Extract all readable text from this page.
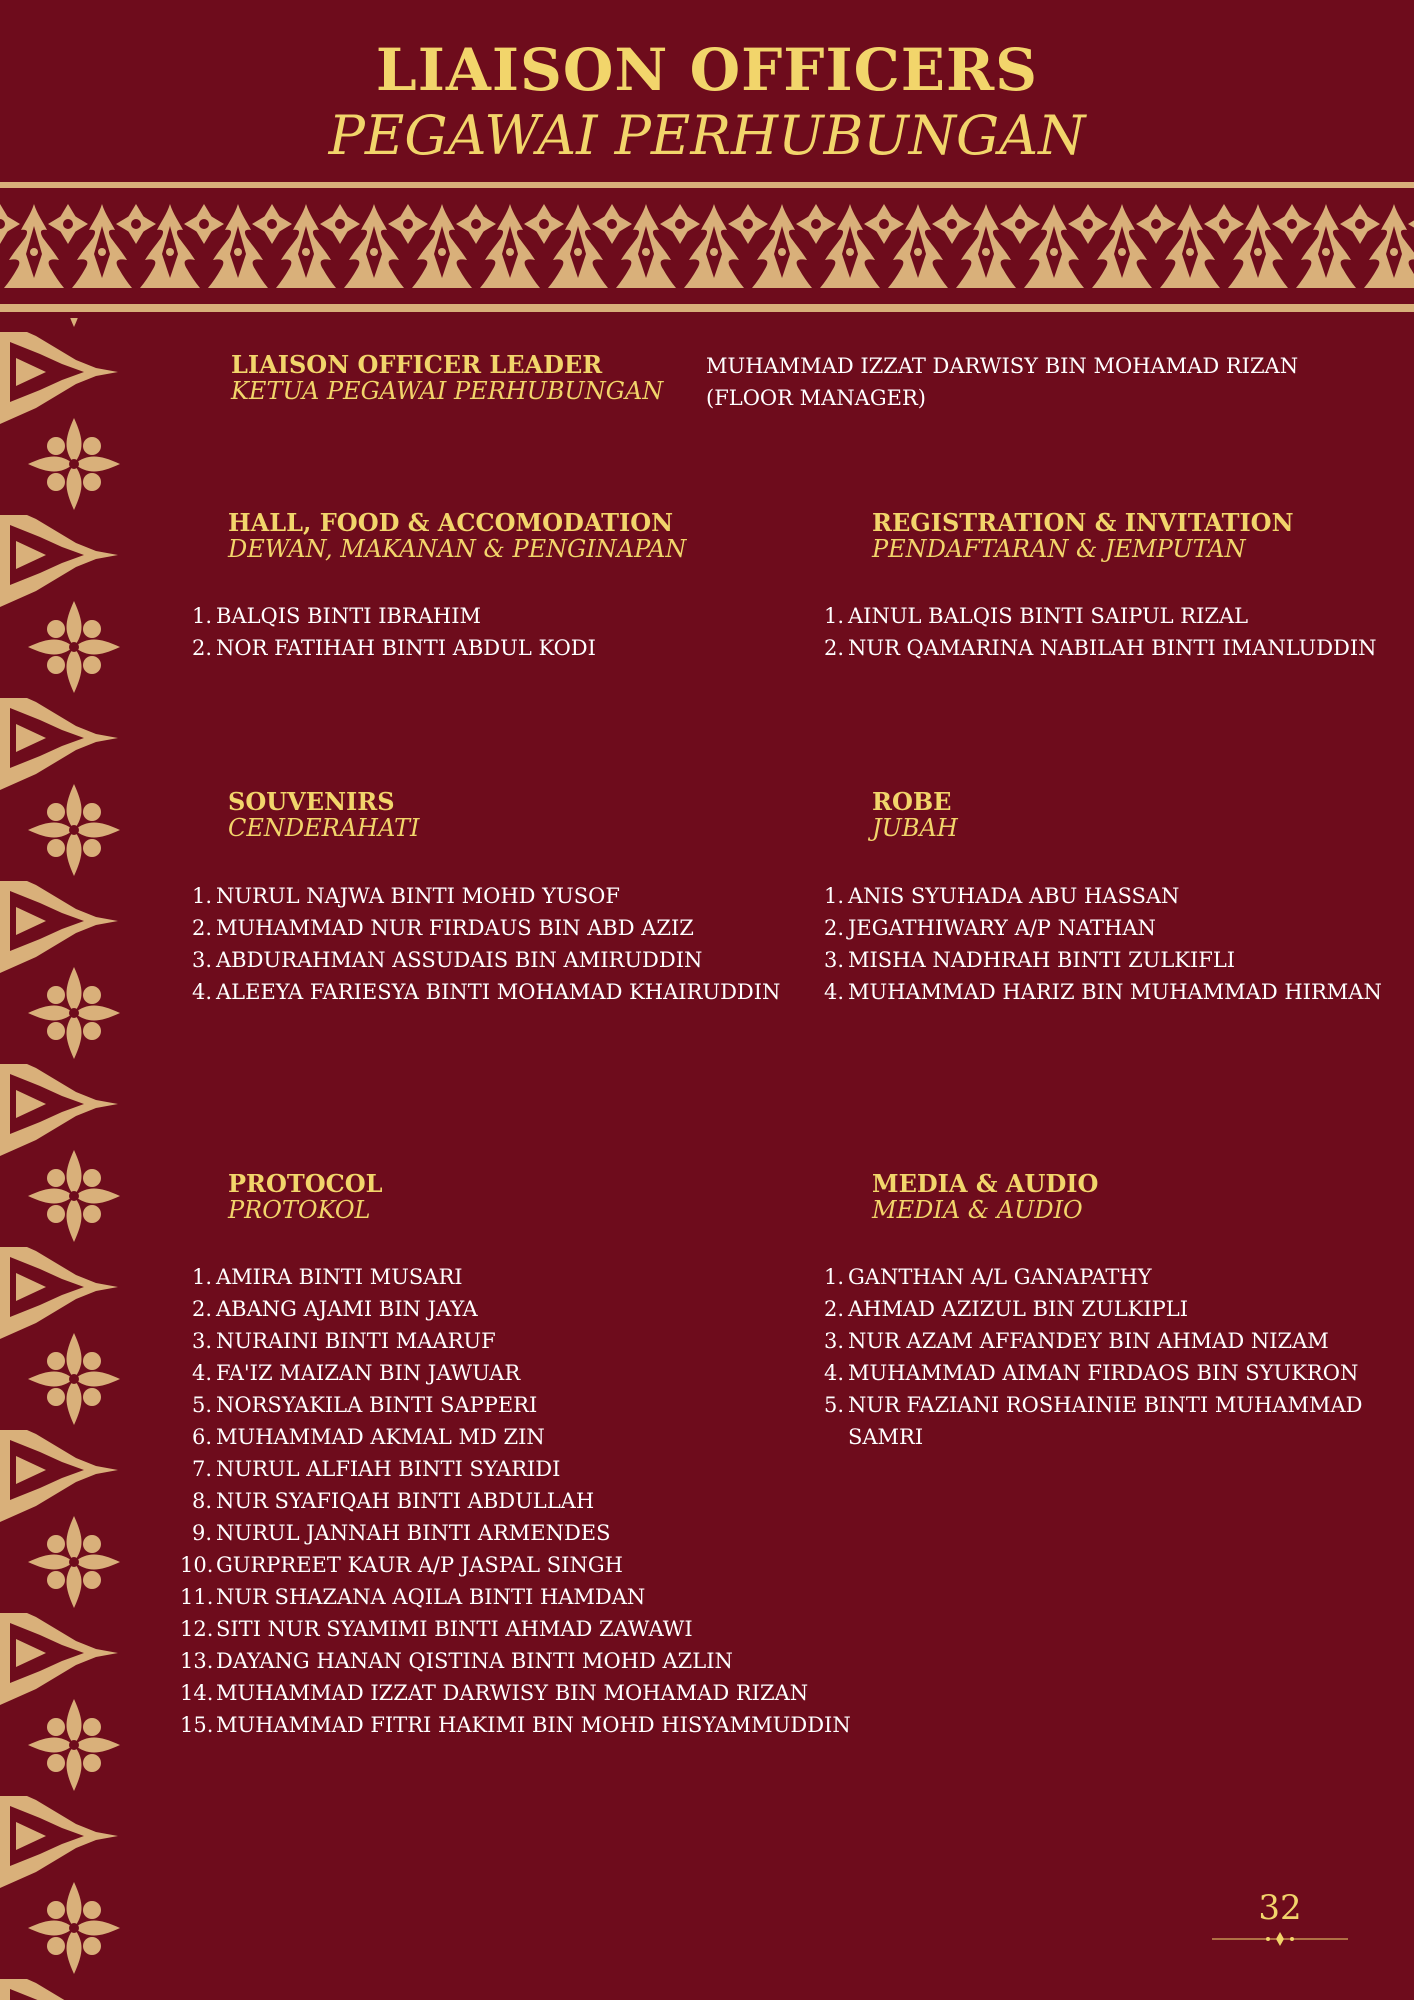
LIAISON OFFICERS
PEGAWAI PERHUBUNGAN
LIAISON OFFICER LEADER
KETUA PEGAWAI PERHUBUNGAN
MUHAMMAD IZZAT DARWISY BIN MOHAMAD RIZAN
(FLOOR MANAGER)
HALL, FOOD & ACCOMODATION
DEWAN, MAKANAN & PENGINAPAN
1. BALQIS BINTI IBRAHIM
2. NOR FATIHAH BINTI ABDUL KODI
REGISTRATION & INVITATION
PENDAFTARAN & JEMPUTAN
1. AINUL BALQIS BINTI SAIPUL RIZAL
2. NUR QAMARINA NABILAH BINTI IMANLUDDIN
SOUVENIRS
CENDERAHATI
1. NURUL NAJWA BINTI MOHD YUSOF
2. MUHAMMAD NUR FIRDAUS BIN ABD AZIZ
3. ABDURAHMAN ASSUDAIS BIN AMIRUDDIN
4. ALEEYA FARIESYA BINTI MOHAMAD KHAIRUDDIN
ROBE
JUBAH
1. ANIS SYUHADA ABU HASSAN
2. JEGATHIWARY A/P NATHAN
3. MISHA NADHRAH BINTI ZULKIFLI
4. MUHAMMAD HARIZ BIN MUHAMMAD HIRMAN
PROTOCOL
PROTOKOL
1. AMIRA BINTI MUSARI
2. ABANG AJAMI BIN JAYA
3. NURAINI BINTI MAARUF
4. FA'IZ MAIZAN BIN JAWUAR
5. NORSYAKILA BINTI SAPPERI
6. MUHAMMAD AKMAL MD ZIN
7. NURUL ALFIAH BINTI SYARIDI
8. NUR SYAFIQAH BINTI ABDULLAH
9. NURUL JANNAH BINTI ARMENDES
10. GURPREET KAUR A/P JASPAL SINGH
11. NUR SHAZANA AQILA BINTI HAMDAN
12. SITI NUR SYAMIMI BINTI AHMAD ZAWAWI
13. DAYANG HANAN QISTINA BINTI MOHD AZLIN
14. MUHAMMAD IZZAT DARWISY BIN MOHAMAD RIZAN
15. MUHAMMAD FITRI HAKIMI BIN MOHD HISYAMMUDDIN
MEDIA & AUDIO
MEDIA & AUDIO
1. GANTHAN A/L GANAPATHY
2. AHMAD AZIZUL BIN ZULKIPLI
3. NUR AZAM AFFANDEY BIN AHMAD NIZAM
4. MUHAMMAD AIMAN FIRDAOS BIN SYUKRON
5. NUR FAZIANI ROSHAINIE BINTI MUHAMMAD SAMRI
32
